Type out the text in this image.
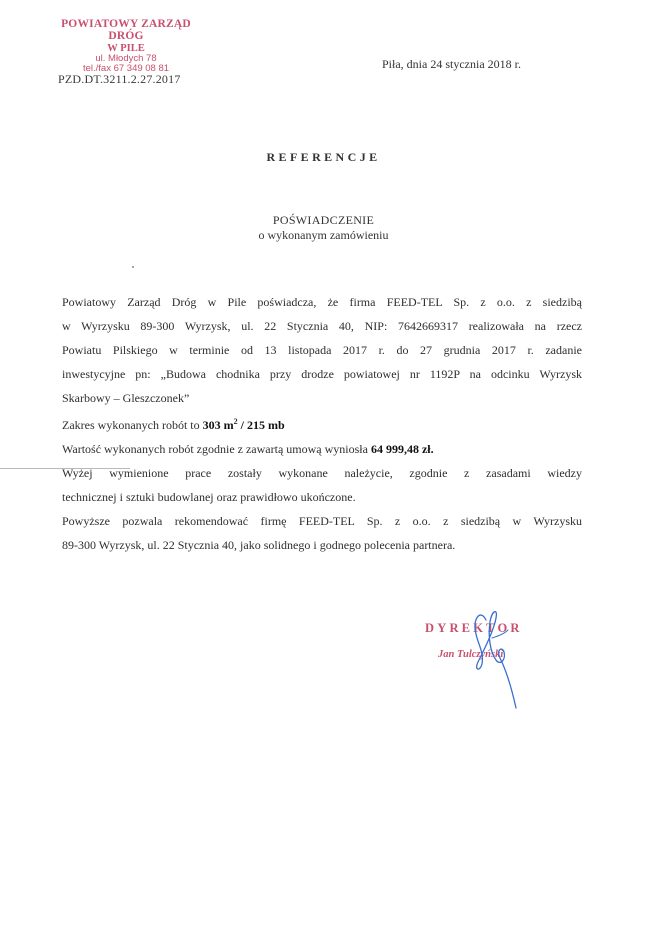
POWIATOWY ZARZĄD DRÓG
W PILE
ul. Młodych 78
tel./fax 67 349 08 81
PZD.DT.3211.2.27.2017
Piła, dnia 24 stycznia 2018 r.
REFERENCJE
POŚWIADCZENIE
o wykonanym zamówieniu

Powiatowy Zarząd Dróg w Pile poświadcza, że firma FEED-TEL Sp. z o.o. z siedzibą

w Wyrzysku 89-300 Wyrzysk, ul. 22 Stycznia 40, NIP: 7642669317 realizowała na rzecz

Powiatu Pilskiego w terminie od 13 listopada 2017 r. do 27 grudnia 2017 r. zadanie

inwestycyjne pn: „Budowa chodnika przy drodze powiatowej nr 1192P na odcinku Wyrzysk

Skarbowy – Gleszczonek”

Zakres wykonanych robót to 303 $m^2 / 215$ mb

Wartość wykonanych robót zgodnie z zawartą umową wyniosła 64 999,48 zł.

Wyżej wymienione prace zostały wykonane należycie, zgodnie z zasadami wiedzy

technicznej i sztuki budowlanej oraz prawidłowo ukończone.

Powyższe pozwala rekomendować firmę FEED-TEL Sp. z o.o. z siedzibą w Wyrzysku

89-300 Wyrzysk, ul. 22 Stycznia 40, jako solidnego i godnego polecenia partnera.

DYREKTOR
Jan Tulczyński
